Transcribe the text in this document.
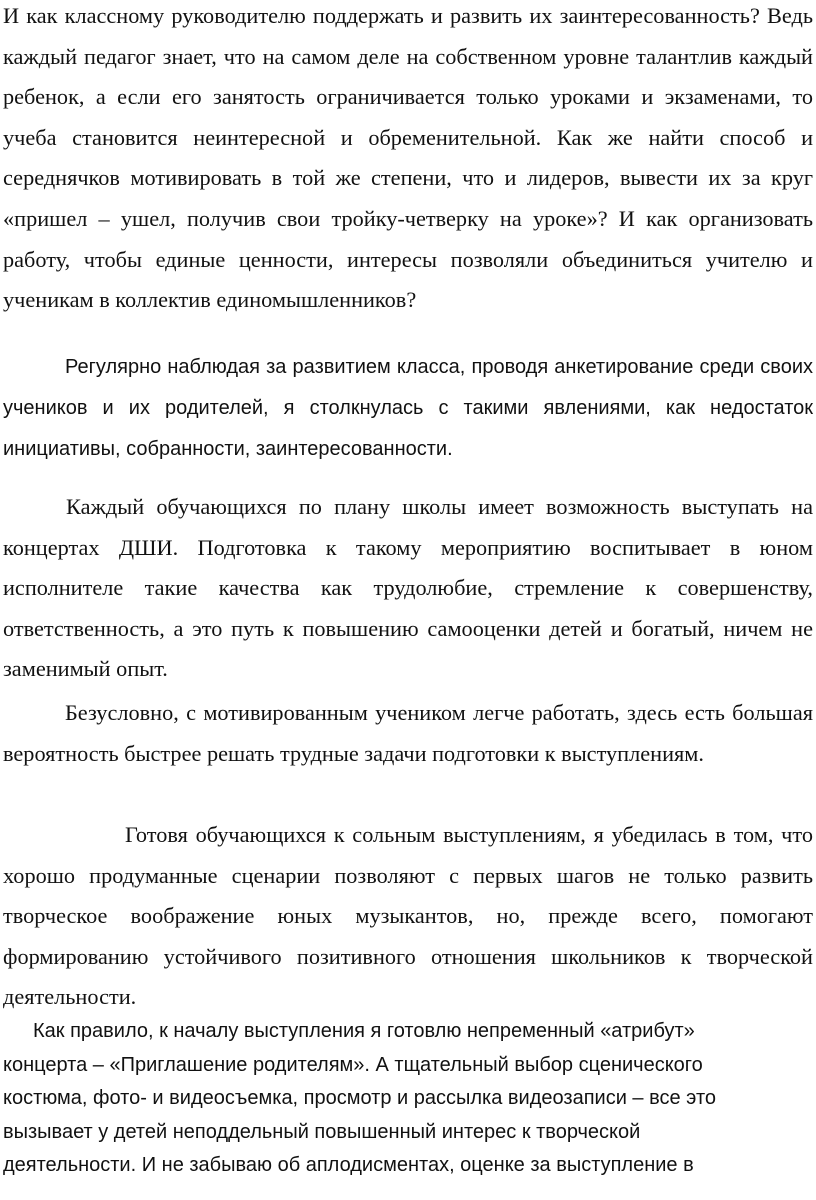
И как классному руководителю поддержать и развить их заинтересованность? Ведь каждый педагог знает, что на самом деле на собственном уровне талантлив каждый ребенок, а если его занятость ограничивается только уроками и экзаменами, то учеба становится неинтересной и обременительной. Как же найти способ и середнячков мотивировать в той же степени, что и лидеров, вывести их за круг «пришел – ушел, получив свои тройку-четверку на уроке»? И как организовать работу, чтобы единые ценности, интересы позволяли объединиться учителю и ученикам в коллектив единомышленников?

Регулярно наблюдая за развитием класса, проводя анкетирование среди своих учеников и их родителей, я столкнулась с такими явлениями, как недостаток инициативы, собранности, заинтересованности.

Каждый обучающихся по плану школы имеет возможность выступать на концертах ДШИ. Подготовка к такому мероприятию воспитывает в юном исполнителе такие качества как трудолюбие, стремление к совершенству, ответственность, а это путь к повышению самооценки детей и богатый, ничем не заменимый опыт.

Безусловно, с мотивированным учеником легче работать, здесь есть большая вероятность быстрее решать трудные задачи подготовки к выступлениям.

Готовя обучающихся к сольным выступлениям, я убедилась в том, что хорошо продуманные сценарии позволяют с первых шагов не только развить творческое воображение юных музыкантов, но, прежде всего, помогают формированию устойчивого позитивного отношения школьников к творческой деятельности.

Как правило, к началу выступления я готовлю непременный «атрибут» концерта – «Приглашение родителям». А тщательный выбор сценического костюма, фото- и видеосъемка, просмотр и рассылка видеозаписи – все это вызывает у детей неподдельный повышенный интерес к творческой деятельности. И не забываю об аплодисментах, оценке за выступление в
